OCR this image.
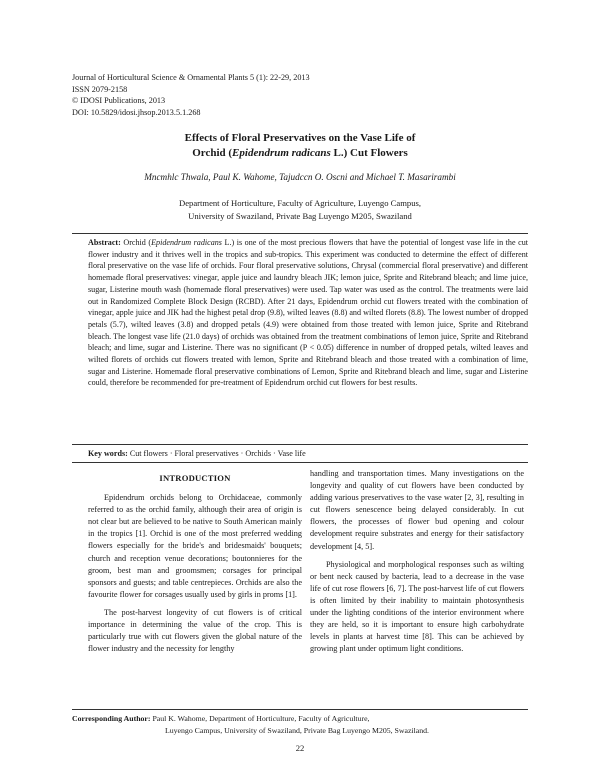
Journal of Horticultural Science & Ornamental Plants 5 (1): 22-29, 2013
ISSN 2079-2158
© IDOSI Publications, 2013
DOI: 10.5829/idosi.jhsop.2013.5.1.268
Effects of Floral Preservatives on the Vase Life of
Orchid (Epidendrum radicans L.) Cut Flowers
Mncmhlc Thwala, Paul K. Wahome, Tajudccn O. Oscni and Michael T. Masarirambi
Department of Horticulture, Faculty of Agriculture, Luyengo Campus,
University of Swaziland, Private Bag Luyengo M205, Swaziland
Abstract: Orchid (Epidendrum radicans L.) is one of the most precious flowers that have the potential of longest vase life in the cut flower industry and it thrives well in the tropics and sub-tropics. This experiment was conducted to determine the effect of different floral preservative on the vase life of orchids. Four floral preservative solutions, Chrysal (commercial floral preservative) and different homemade floral preservatives: vinegar, apple juice and laundry bleach JIK; lemon juice, Sprite and Ritebrand bleach; and lime juice, sugar, Listerine mouth wash (homemade floral preservatives) were used. Tap water was used as the control. The treatments were laid out in Randomized Complete Block Design (RCBD). After 21 days, Epidendrum orchid cut flowers treated with the combination of vinegar, apple juice and JIK had the highest petal drop (9.8), wilted leaves (8.8) and wilted florets (8.8). The lowest number of dropped petals (5.7), wilted leaves (3.8) and dropped petals (4.9) were obtained from those treated with lemon juice, Sprite and Ritebrand bleach. The longest vase life (21.0 days) of orchids was obtained from the treatment combinations of lemon juice, Sprite and Ritebrand bleach; and lime, sugar and Listerine. There was no significant (P < 0.05) difference in number of dropped petals, wilted leaves and wilted florets of orchids cut flowers treated with lemon, Sprite and Ritebrand bleach and those treated with a combination of lime, sugar and Listerine. Homemade floral preservative combinations of Lemon, Sprite and Ritebrand bleach and lime, sugar and Listerine could, therefore be recommended for pre-treatment of Epidendrum orchid cut flowers for best results.
Key words: Cut flowers · Floral preservatives · Orchids · Vase life
INTRODUCTION

Epidendrum orchids belong to Orchidaceae, commonly referred to as the orchid family, although their area of origin is not clear but are believed to be native to South American mainly in the tropics [1]. Orchid is one of the most preferred wedding flowers especially for the bride's and bridesmaids' bouquets; church and reception venue decorations; boutonnieres for the groom, best man and groomsmen; corsages for principal sponsors and guests; and table centrepieces. Orchids are also the favourite flower for corsages usually used by girls in proms [1].

The post-harvest longevity of cut flowers is of critical importance in determining the value of the crop. This is particularly true with cut flowers given the global nature of the flower industry and the necessity for lengthy

handling and transportation times. Many investigations on the longevity and quality of cut flowers have been conducted by adding various preservatives to the vase water [2, 3], resulting in cut flowers senescence being delayed considerably. In cut flowers, the processes of flower bud opening and colour development require substrates and energy for their satisfactory development [4, 5].

Physiological and morphological responses such as wilting or bent neck caused by bacteria, lead to a decrease in the vase life of cut rose flowers [6, 7]. The post-harvest life of cut flowers is often limited by their inability to maintain photosynthesis under the lighting conditions of the interior environment where they are held, so it is important to ensure high carbohydrate levels in plants at harvest time [8]. This can be achieved by growing plant under optimum light conditions.

Corresponding Author: Paul K. Wahome, Department of Horticulture, Faculty of Agriculture,
Luyengo Campus, University of Swaziland, Private Bag Luyengo M205, Swaziland.
22
